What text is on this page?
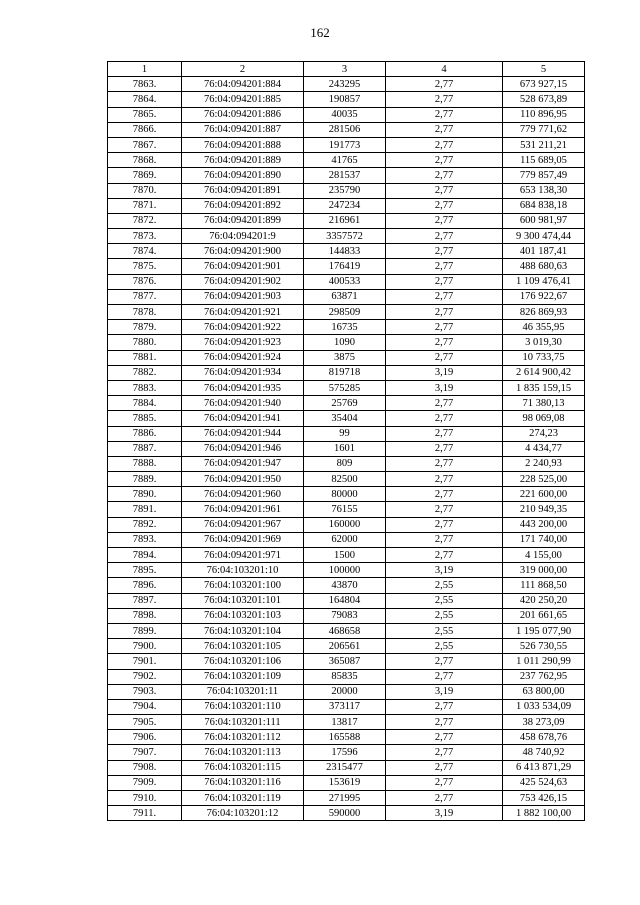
162
1	2	3	4	5
7863.	76:04:094201:884	243295	2,77	673 927,15
7864.	76:04:094201:885	190857	2,77	528 673,89
7865.	76:04:094201:886	40035	2,77	110 896,95
7866.	76:04:094201:887	281506	2,77	779 771,62
7867.	76:04:094201:888	191773	2,77	531 211,21
7868.	76:04:094201:889	41765	2,77	115 689,05
7869.	76:04:094201:890	281537	2,77	779 857,49
7870.	76:04:094201:891	235790	2,77	653 138,30
7871.	76:04:094201:892	247234	2,77	684 838,18
7872.	76:04:094201:899	216961	2,77	600 981,97
7873.	76:04:094201:9	3357572	2,77	9 300 474,44
7874.	76:04:094201:900	144833	2,77	401 187,41
7875.	76:04:094201:901	176419	2,77	488 680,63
7876.	76:04:094201:902	400533	2,77	1 109 476,41
7877.	76:04:094201:903	63871	2,77	176 922,67
7878.	76:04:094201:921	298509	2,77	826 869,93
7879.	76:04:094201:922	16735	2,77	46 355,95
7880.	76:04:094201:923	1090	2,77	3 019,30
7881.	76:04:094201:924	3875	2,77	10 733,75
7882.	76:04:094201:934	819718	3,19	2 614 900,42
7883.	76:04:094201:935	575285	3,19	1 835 159,15
7884.	76:04:094201:940	25769	2,77	71 380,13
7885.	76:04:094201:941	35404	2,77	98 069,08
7886.	76:04:094201:944	99	2,77	274,23
7887.	76:04:094201:946	1601	2,77	4 434,77
7888.	76:04:094201:947	809	2,77	2 240,93
7889.	76:04:094201:950	82500	2,77	228 525,00
7890.	76:04:094201:960	80000	2,77	221 600,00
7891.	76:04:094201:961	76155	2,77	210 949,35
7892.	76:04:094201:967	160000	2,77	443 200,00
7893.	76:04:094201:969	62000	2,77	171 740,00
7894.	76:04:094201:971	1500	2,77	4 155,00
7895.	76:04:103201:10	100000	3,19	319 000,00
7896.	76:04:103201:100	43870	2,55	111 868,50
7897.	76:04:103201:101	164804	2,55	420 250,20
7898.	76:04:103201:103	79083	2,55	201 661,65
7899.	76:04:103201:104	468658	2,55	1 195 077,90
7900.	76:04:103201:105	206561	2,55	526 730,55
7901.	76:04:103201:106	365087	2,77	1 011 290,99
7902.	76:04:103201:109	85835	2,77	237 762,95
7903.	76:04:103201:11	20000	3,19	63 800,00
7904.	76:04:103201:110	373117	2,77	1 033 534,09
7905.	76:04:103201:111	13817	2,77	38 273,09
7906.	76:04:103201:112	165588	2,77	458 678,76
7907.	76:04:103201:113	17596	2,77	48 740,92
7908.	76:04:103201:115	2315477	2,77	6 413 871,29
7909.	76:04:103201:116	153619	2,77	425 524,63
7910.	76:04:103201:119	271995	2,77	753 426,15
7911.	76:04:103201:12	590000	3,19	1 882 100,00
